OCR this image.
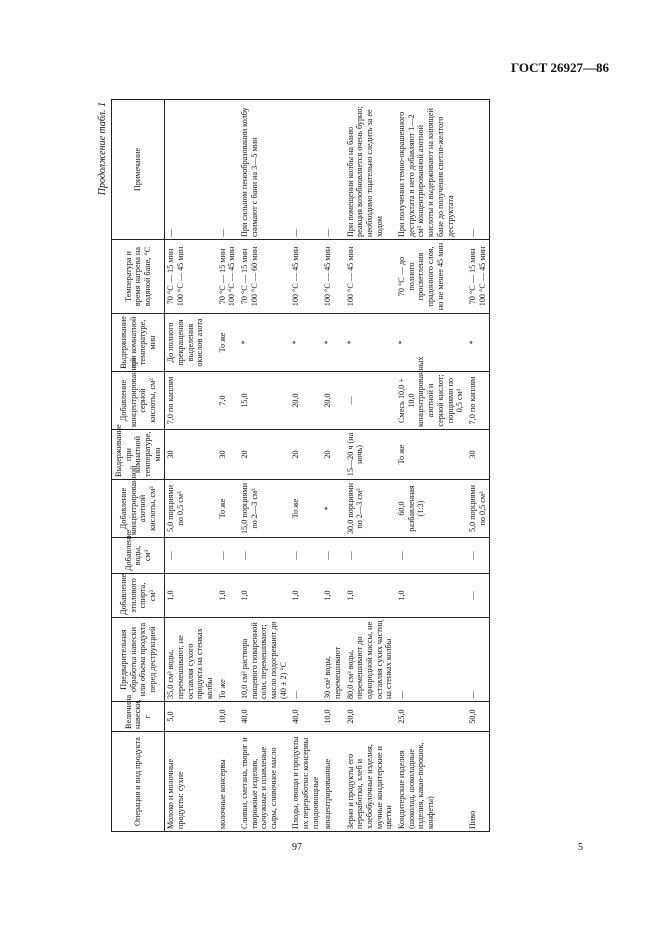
ГОСТ 26927—86
Продолжение табл. 1
Операция и вид продукта	Величина навески, г	Предварительная обработка навески или объема продукта перед деструкцией	Добавление этилового спирта, см³	Добавление воды, см³	Добавление концентрированной азотной кислоты, см³	Выдерживание при комнатной температуре, мин	Добавление концентрированной серной кислоты, см³	Выдерживание при комнатной температуре, мин	Температура и время нагрева на водяной бане, °С	Примечание
Молоко и молочные продукты: сухие	5,0	35,0 см³ воды, перемешивают, не оставляя сухого продукта на стенках колбы	1,0	—	5,0 порциями по 0,5 см³	30	7,0 по каплям	До полного прекращения выделения окислов азота	70 °С — 15 мин 100 °С — 45 мин	—
молочные консервы	10,0	То же	1,0	—	То же	30	7,0	То же	70 °С — 15 мин 100 °С — 45 мин	—
Сливки, сметана, творог и творожные изделия, сычужные и плавленые сыры, сливочное масло	40,0	10,0 см³ раствора пищевого поваренной соли, перемешивают; масло подогревают до (40 ± 2) °С	1,0	—	15,0 порциями по 2—3 см³	20	15,0	*	70 °С — 15 мин 100 °С — 60 мин	При сильном пенообразовании колбу снимают с бани на 3—5 мин
Плоды, овощи и продукты их переработки: консервы плодоовощные	40,0	—	1,0	—	То же	20	20,0	*	100 °С — 45 мин	—
концентрированные	10,0	30 см³ воды, перемешивают	1,0	—	*	20	20,0	*	100 °С — 45 мин	—
Зерно и продукты его переработки, хлеб и хлебобулочные изделия, мучные кондитерские и цветки	20,0	80,0 см³ воды, перемешивают до однородной массы, не оставляя сухих частиц на стенках колбы	1,0	—	30,0 порциями по 2—3 см³	15—20 ч (на ночь)	—	*	100 °С — 45 мин	При помещении колбы на баню реакция возобновляется очень бурно; необходимо тщательно следить за ее ходом
Кондитерские изделия (шоколад, шоколадные изделия, какао-порошок, конфеты)	25,0	—	1,0	—	60,0 разбавленная (1:3)	То же	Смесь 10,0 + 10,0 концентрированных азотной и серной кислот; порциями по 0,5 см³	*	70 °С — до полного просветления прадонного слоя, но не менее 45 мин	При получении темно-окрашенного деструктата в него добавляют 1—2 см³ концентрированной азотной кислоты и выдерживают на кипящей бане до получения светло-желтого деструктата
Пиво	50,0	—	—	—	5,0 порциями по 0,5 см³	30	7,0 по каплям	*	70 °С — 15 мин 100 °С — 45 мин	—
97	5
